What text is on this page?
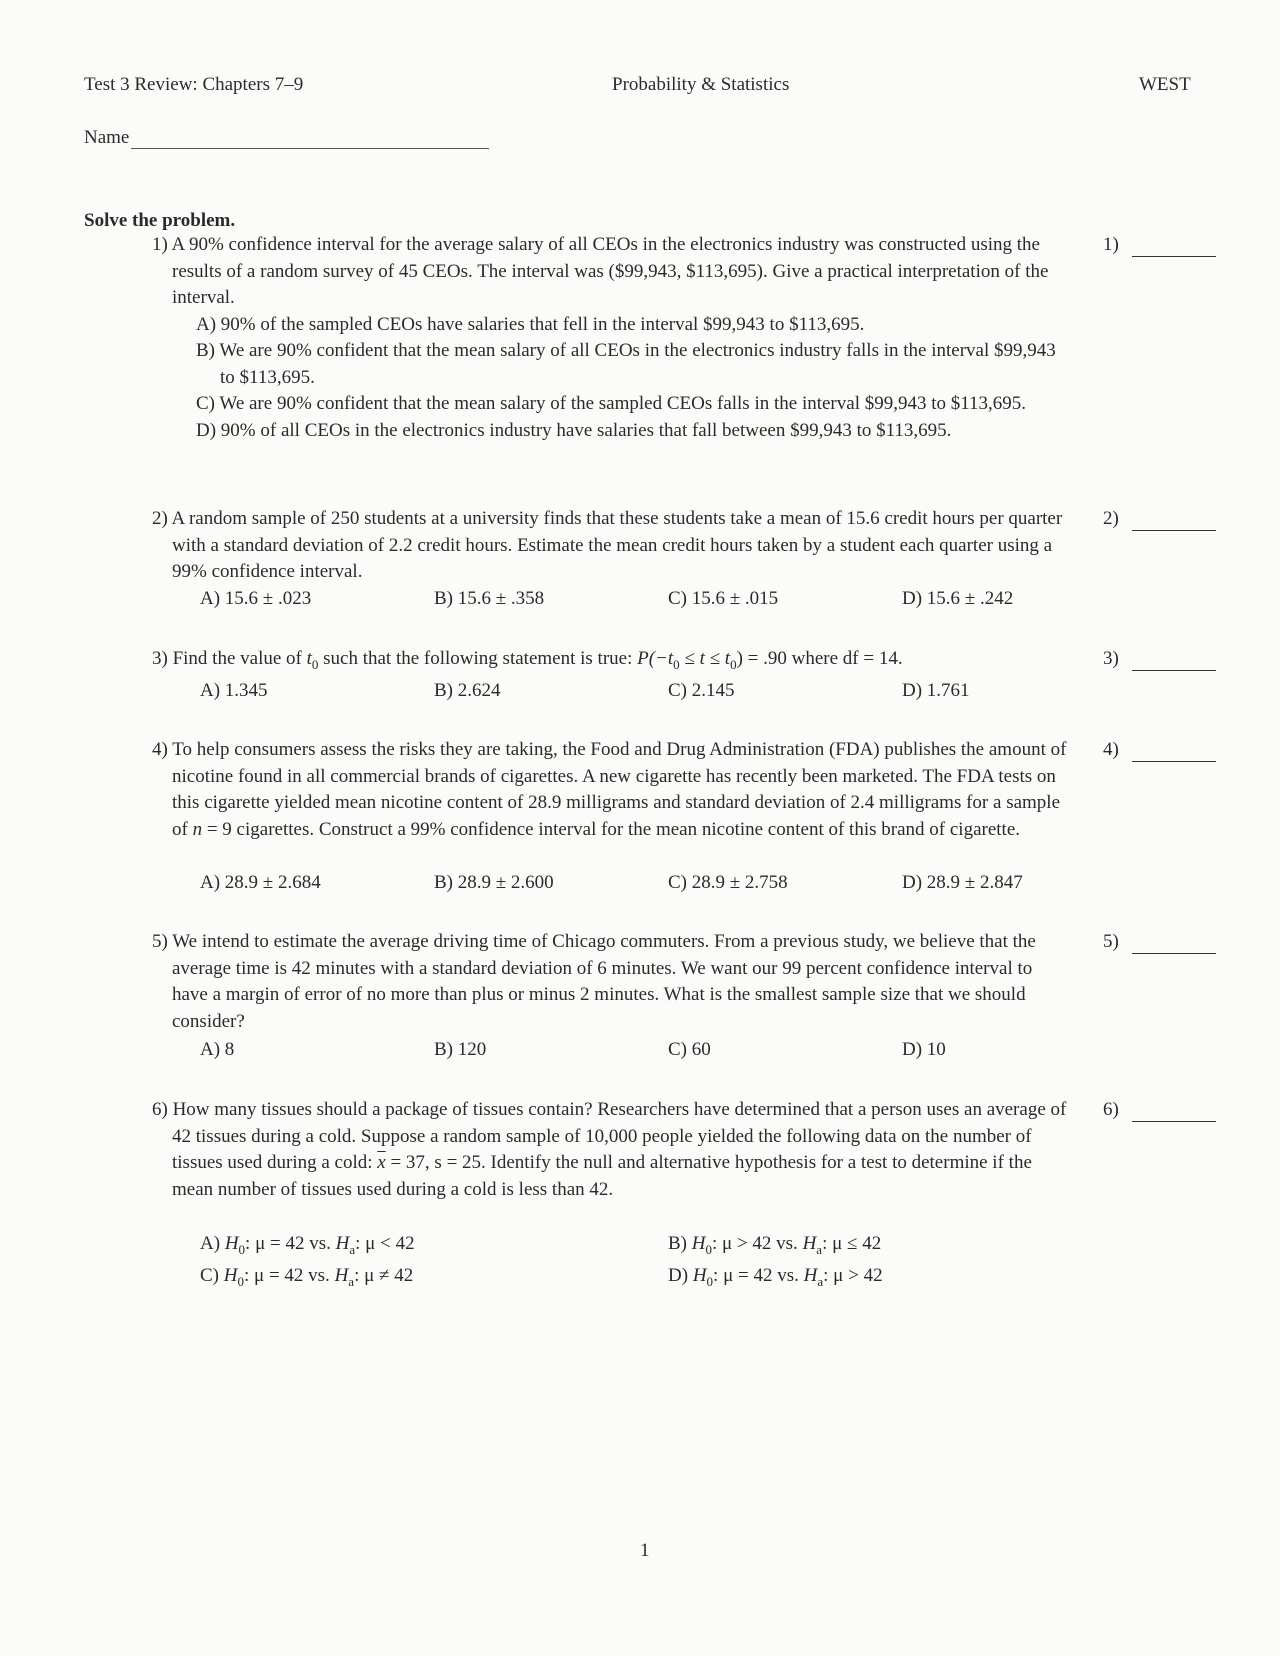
Test 3 Review: Chapters 7–9	Probability & Statistics	WEST
Name
Solve the problem.
1) A 90% confidence interval for the average salary of all CEOs in the electronics industry was constructed using the results of a random survey of 45 CEOs. The interval was ($99,943, $113,695). Give a practical interpretation of the interval.
A) 90% of the sampled CEOs have salaries that fell in the interval $99,943 to $113,695.
B) We are 90% confident that the mean salary of all CEOs in the electronics industry falls in the interval $99,943 to $113,695.
C) We are 90% confident that the mean salary of the sampled CEOs falls in the interval $99,943 to $113,695.
D) 90% of all CEOs in the electronics industry have salaries that fall between $99,943 to $113,695.
1)
2) A random sample of 250 students at a university finds that these students take a mean of 15.6 credit hours per quarter with a standard deviation of 2.2 credit hours. Estimate the mean credit hours taken by a student each quarter using a 99% confidence interval.
A) 15.6 ± .023	B) 15.6 ± .358	C) 15.6 ± .015	D) 15.6 ± .242
2)
3) Find the value of $t_0$ such that the following statement is true: $P(-t_0 \le t \le t_0) = .90$ where df = 14.
A) 1.345	B) 2.624	C) 2.145	D) 1.761
3)
4) To help consumers assess the risks they are taking, the Food and Drug Administration (FDA) publishes the amount of nicotine found in all commercial brands of cigarettes. A new cigarette has recently been marketed. The FDA tests on this cigarette yielded mean nicotine content of 28.9 milligrams and standard deviation of 2.4 milligrams for a sample of n = 9 cigarettes. Construct a 99% confidence interval for the mean nicotine content of this brand of cigarette.
A) 28.9 ± 2.684	B) 28.9 ± 2.600	C) 28.9 ± 2.758	D) 28.9 ± 2.847
4)
5) We intend to estimate the average driving time of Chicago commuters. From a previous study, we believe that the average time is 42 minutes with a standard deviation of 6 minutes. We want our 99 percent confidence interval to have a margin of error of no more than plus or minus 2 minutes. What is the smallest sample size that we should consider?
A) 8	B) 120	C) 60	D) 10
5)
6) How many tissues should a package of tissues contain? Researchers have determined that a person uses an average of 42 tissues during a cold. Suppose a random sample of 10,000 people yielded the following data on the number of tissues used during a cold: $\overline{x} = 37$, s = 25. Identify the null and alternative hypothesis for a test to determine if the mean number of tissues used during a cold is less than 42.
A) $H_0$: μ = 42 vs. $H_a$: μ < 42	B) $H_0$: μ > 42 vs. $H_a$: μ ≤ 42
C) $H_0$: μ = 42 vs. $H_a$: μ ≠ 42	D) $H_0$: μ = 42 vs. $H_a$: μ > 42
6)
1
